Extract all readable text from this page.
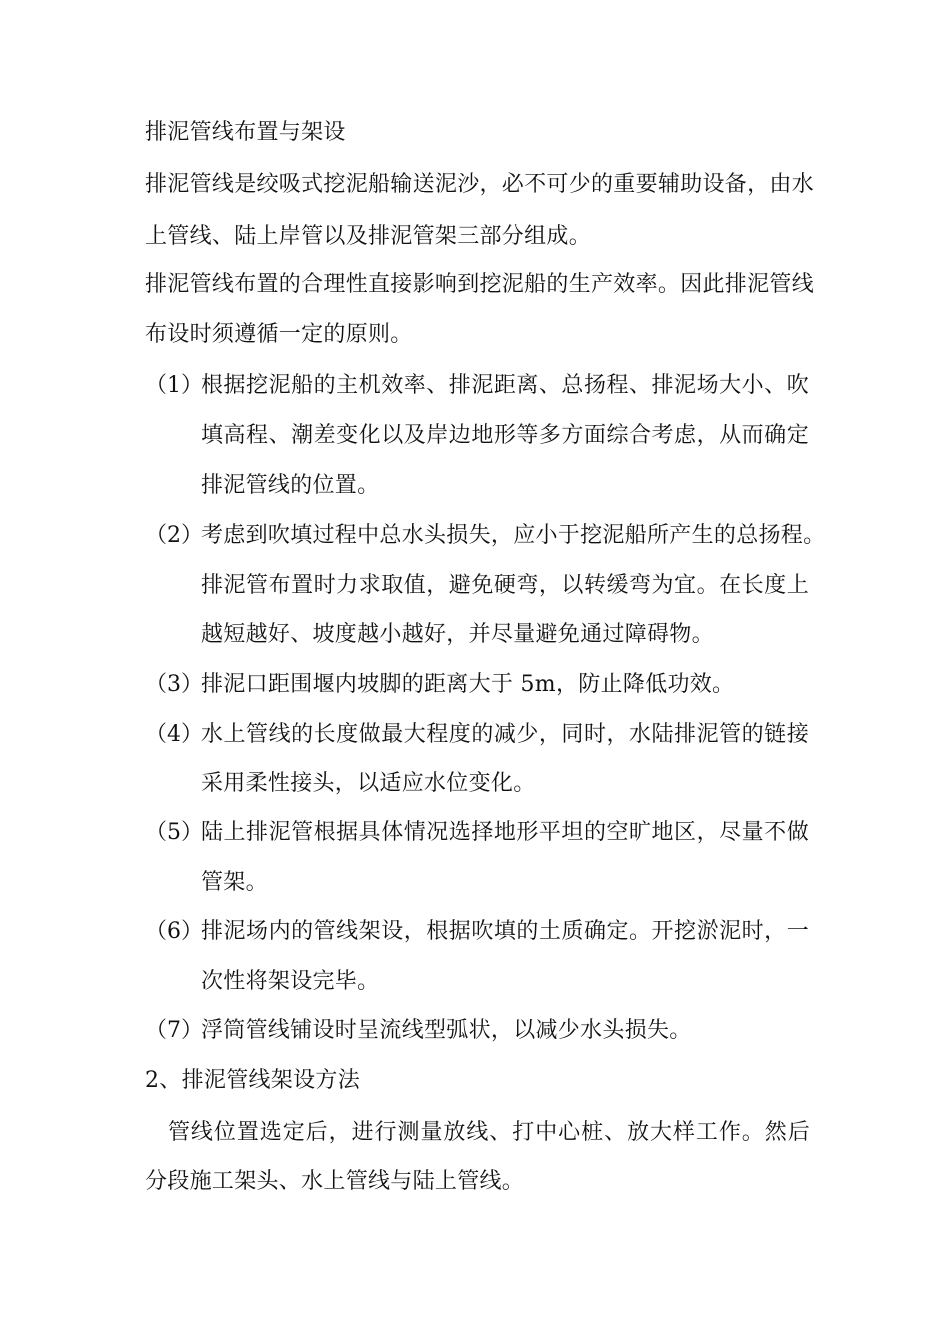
排泥管线布置与架设
排泥管线是绞吸式挖泥船输送泥沙，必不可少的重要辅助设备，由水
上管线、陆上岸管以及排泥管架三部分组成。
排泥管线布置的合理性直接影响到挖泥船的生产效率。因此排泥管线
布设时须遵循一定的原则。
（1）
根据挖泥船的主机效率、排泥距离、总扬程、排泥场大小、吹
填高程、潮差变化以及岸边地形等多方面综合考虑，从而确定
排泥管线的位置。
（2）
考虑到吹填过程中总水头损失，应小于挖泥船所产生的总扬程。
排泥管布置时力求取值，避免硬弯，以转缓弯为宜。在长度上
越短越好、坡度越小越好，并尽量避免通过障碍物。
（3）
排泥口距围堰内坡脚的距离大于 5m，防止降低功效。
（4）
水上管线的长度做最大程度的减少，同时，水陆排泥管的链接
采用柔性接头，以适应水位变化。
（5）
陆上排泥管根据具体情况选择地形平坦的空旷地区，尽量不做
管架。
（6）
排泥场内的管线架设，根据吹填的土质确定。开挖淤泥时，一
次性将架设完毕。
（7）
浮筒管线铺设时呈流线型弧状，以减少水头损失。
2、排泥管线架设方法
　管线位置选定后，进行测量放线、打中心桩、放大样工作。然后
分段施工架头、水上管线与陆上管线。
